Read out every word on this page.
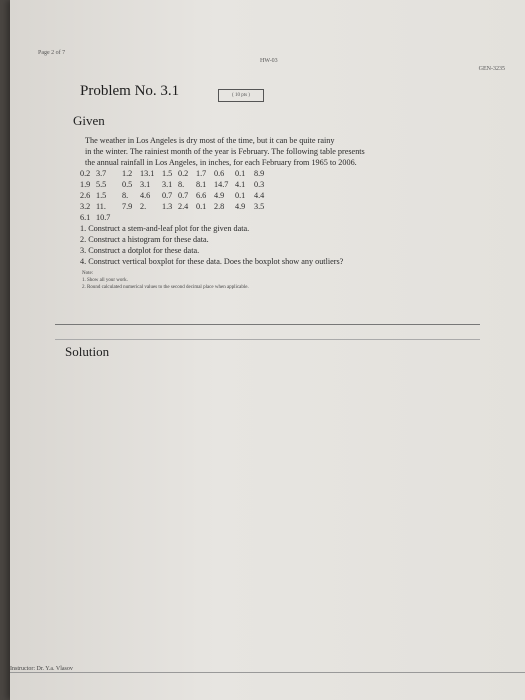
Page 2 of 7
HW-03
GEN-3235
Problem No. 3.1	( 10 pts )
Given
The weather in Los Angeles is dry most of the time, but it can be quite rainy
in the winter. The rainiest month of the year is February. The following table presents
the annual rainfall in Los Angeles, in inches, for each February from 1965 to 2006.
0.2 3.7 1.2 13.1 1.5 0.2 1.7 0.6 0.1 8.9
1.9 5.5 0.5 3.1 3.1 8. 8.1 14.7 4.1 0.3
2.6 1.5 8. 4.6 0.7 0.7 6.6 4.9 0.1 4.4
3.2 11. 7.9 2. 1.3 2.4 0.1 2.8 4.9 3.5
6.1 10.7
1. Construct a stem-and-leaf plot for the given data.
2. Construct a histogram for these data.
3. Construct a dotplot for these data.
4. Construct vertical boxplot for these data. Does the boxplot show any outliers?
Note:
1. Show all your work.
2. Round calculated numerical values to the second decimal place when applicable.
Solution
Instructor: Dr. Y.a. Vlasov
